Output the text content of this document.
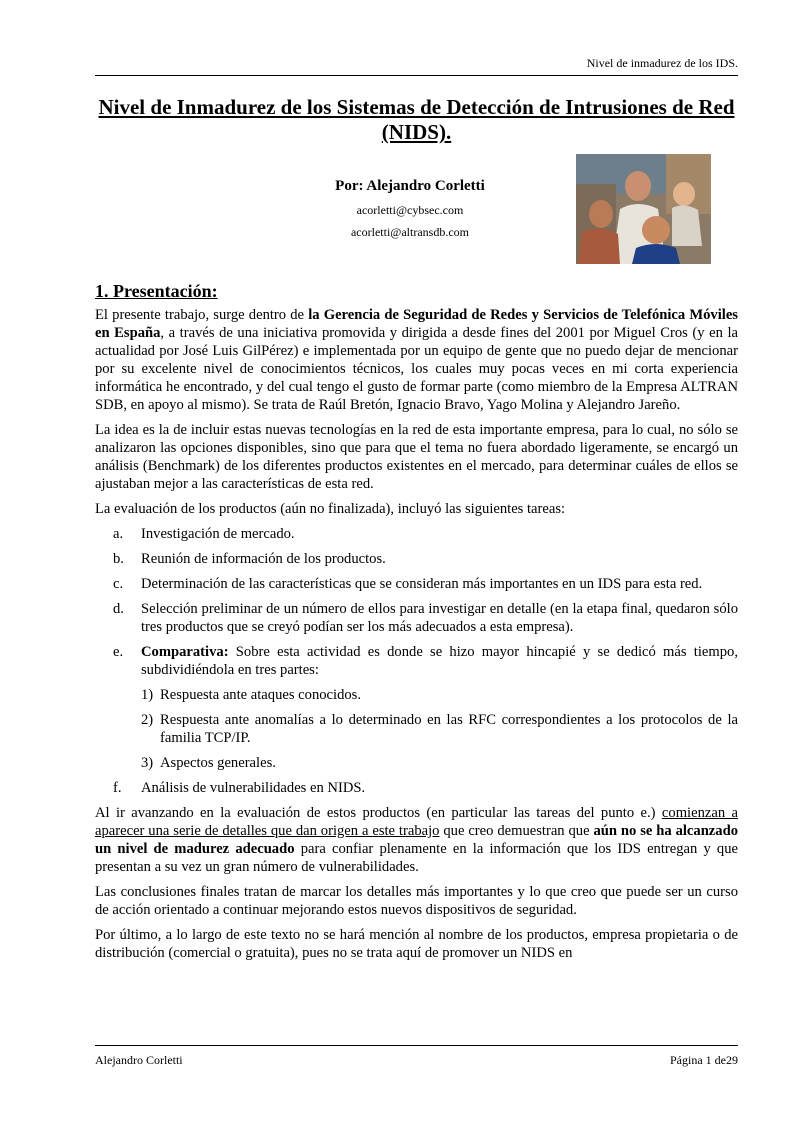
Nivel de inmadurez de los IDS.
Nivel de Inmadurez de los Sistemas de Detección de Intrusiones de Red (NIDS).

Por: Alejandro Corletti

acorletti@cybsec.com

acorletti@altransdb.com

1. Presentación:

El presente trabajo, surge dentro de la Gerencia de Seguridad de Redes y Servicios de Telefónica Móviles en España, a través de una iniciativa promovida y dirigida a desde fines del 2001 por Miguel Cros (y en la actualidad por José Luis GilPérez) e implementada por un equipo de gente que no puedo dejar de mencionar por su excelente nivel de conocimientos técnicos, los cuales muy pocas veces en mi corta experiencia informática he encontrado, y del cual tengo el gusto de formar parte (como miembro de la Empresa ALTRAN SDB, en apoyo al mismo). Se trata de Raúl Bretón, Ignacio Bravo, Yago Molina y Alejandro Jareño.

La idea es la de incluir estas nuevas tecnologías en la red de esta importante empresa, para lo cual, no sólo se analizaron las opciones disponibles, sino que para que el tema no fuera abordado ligeramente, se encargó un análisis (Benchmark) de los diferentes productos existentes en el mercado, para determinar cuáles de ellos se ajustaban mejor a las características de esta red.

La evaluación de los productos (aún no finalizada), incluyó las siguientes tareas:

a. Investigación de mercado.
b. Reunión de información de los productos.
c. Determinación de las características que se consideran más importantes en un IDS para esta red.
d. Selección preliminar de un número de ellos para investigar en detalle (en la etapa final, quedaron sólo tres productos que se creyó podían ser los más adecuados a esta empresa).
e. Comparativa: Sobre esta actividad es donde se hizo mayor hincapié y se dedicó más tiempo, subdividiéndola en tres partes:
1) Respuesta ante ataques conocidos.
2) Respuesta ante anomalías a lo determinado en las RFC correspondientes a los protocolos de la familia TCP/IP.
3) Aspectos generales.
f. Análisis de vulnerabilidades en NIDS.

Al ir avanzando en la evaluación de estos productos (en particular las tareas del punto e.) comienzan a aparecer una serie de detalles que dan origen a este trabajo que creo demuestran que aún no se ha alcanzado un nivel de madurez adecuado para confiar plenamente en la información que los IDS entregan y que presentan a su vez un gran número de vulnerabilidades.

Las conclusiones finales tratan de marcar los detalles más importantes y lo que creo que puede ser un curso de acción orientado a continuar mejorando estos nuevos dispositivos de seguridad.

Por último, a lo largo de este texto no se hará mención al nombre de los productos, empresa propietaria o de distribución (comercial o gratuita), pues no se trata aquí de promover un NIDS en

Alejandro Corletti	Página 1 de29
